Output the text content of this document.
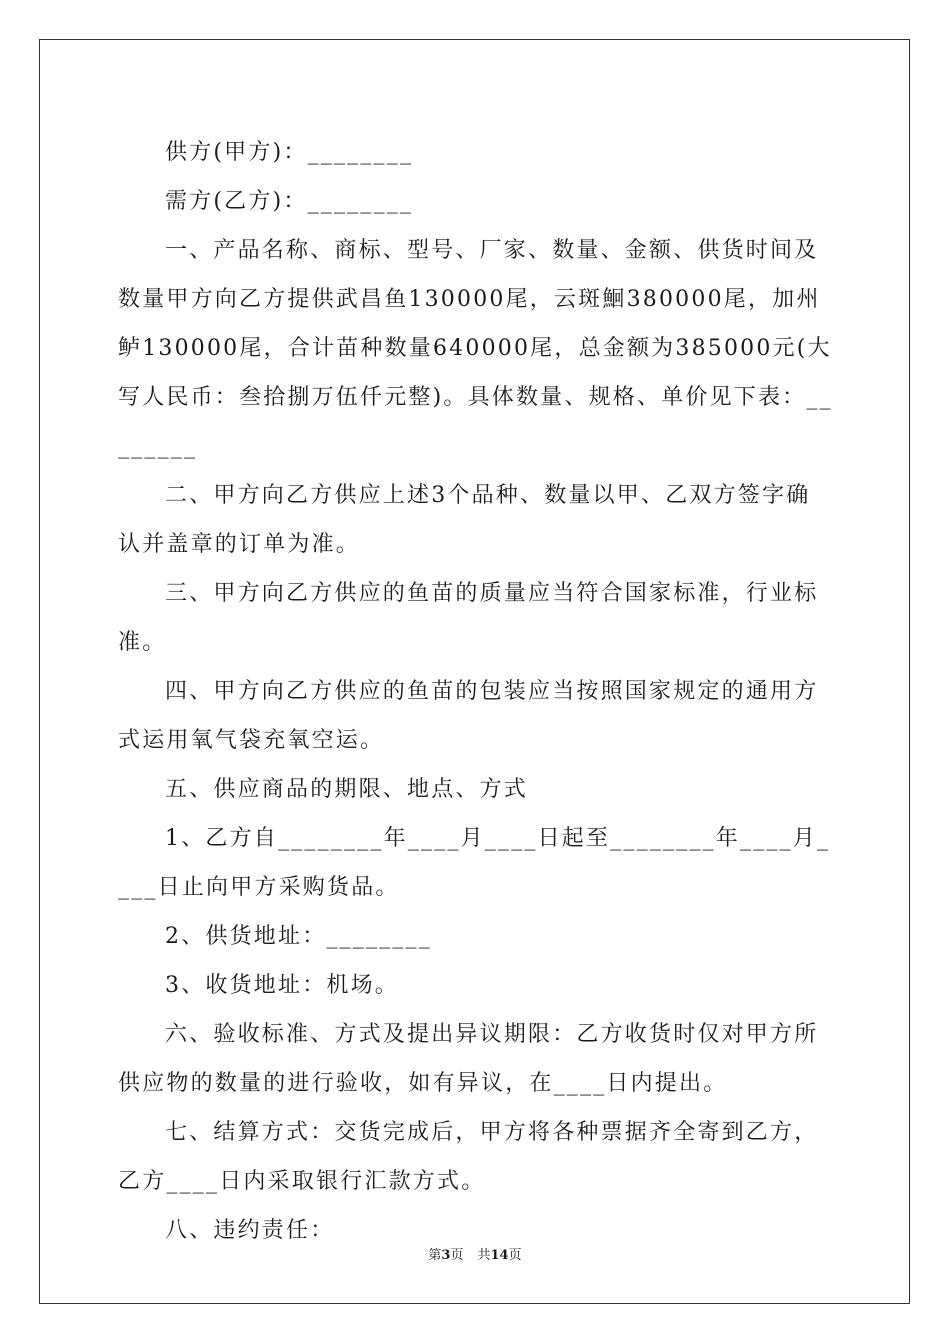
供方(甲方)：________

需方(乙方)：________

一、产品名称、商标、型号、厂家、数量、金额、供货时间及数量甲方向乙方提供武昌鱼130000尾，云斑鮰380000尾，加州鲈130000尾，合计苗种数量640000尾，总金额为385000元(大写人民币：叁拾捌万伍仟元整)。具体数量、规格、单价见下表：________

二、甲方向乙方供应上述3个品种、数量以甲、乙双方签字确认并盖章的订单为准。

三、甲方向乙方供应的鱼苗的质量应当符合国家标准，行业标准。

四、甲方向乙方供应的鱼苗的包装应当按照国家规定的通用方式运用氧气袋充氧空运。

五、供应商品的期限、地点、方式

1、乙方自________年____月____日起至________年____月____日止向甲方采购货品。

2、供货地址：________

3、收货地址：机场。

六、验收标准、方式及提出异议期限：乙方收货时仅对甲方所供应物的数量的进行验收，如有异议，在____日内提出。

七、结算方式：交货完成后，甲方将各种票据齐全寄到乙方，乙方____日内采取银行汇款方式。

八、违约责任：

第3页 共14页
